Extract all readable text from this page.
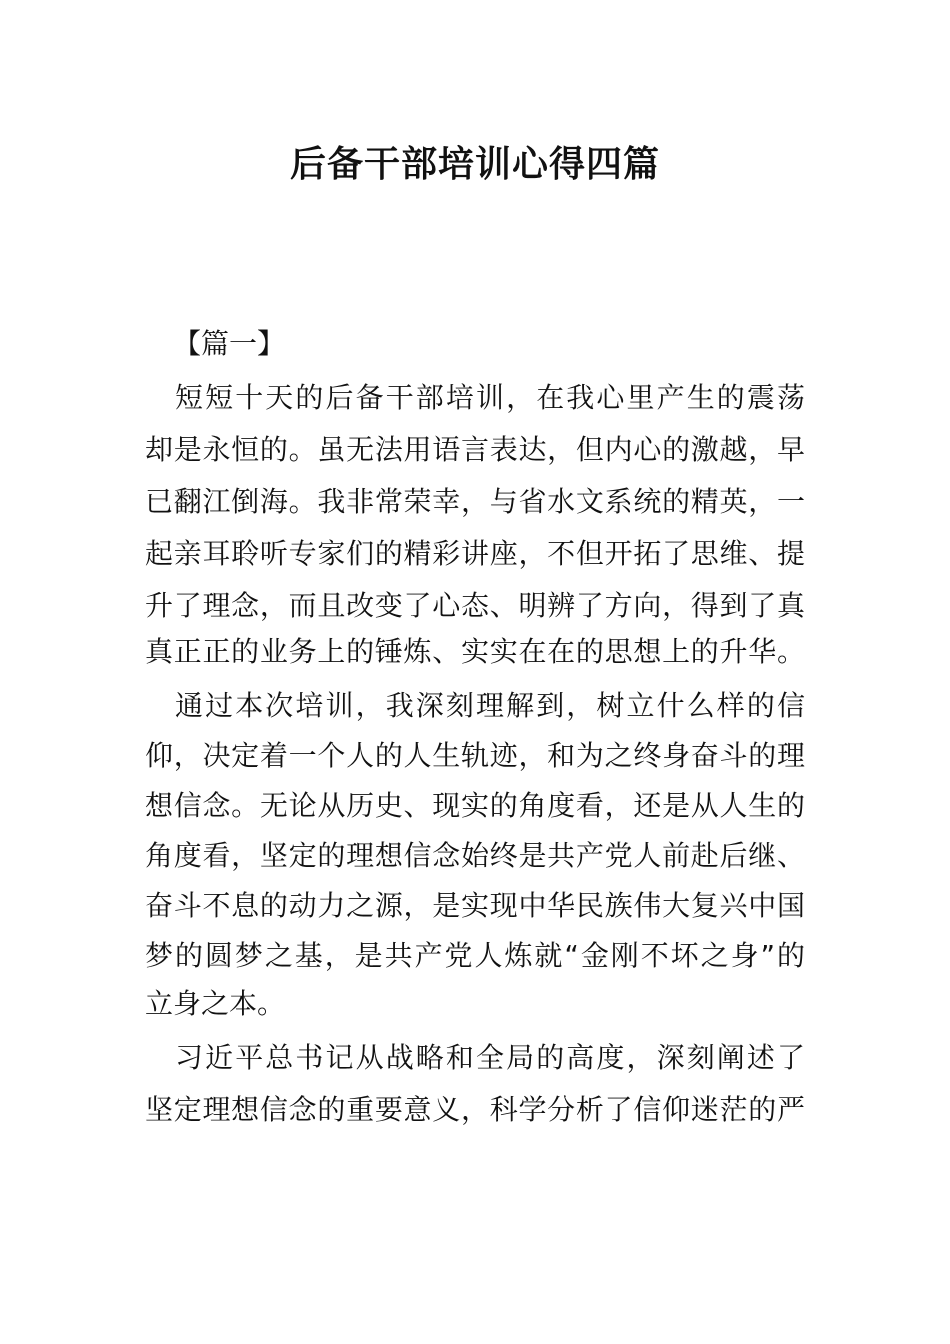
后备干部培训心得四篇
【篇一】
短短十天的后备干部培训，在我心里产生的震荡
却是永恒的。虽无法用语言表达，但内心的激越，早
已翻江倒海。我非常荣幸，与省水文系统的精英，一
起亲耳聆听专家们的精彩讲座，不但开拓了思维、提
升了理念，而且改变了心态、明辨了方向，得到了真
真正正的业务上的锤炼、实实在在的思想上的升华。
通过本次培训，我深刻理解到，树立什么样的信
仰，决定着一个人的人生轨迹，和为之终身奋斗的理
想信念。无论从历史、现实的角度看，还是从人生的
角度看，坚定的理想信念始终是共产党人前赴后继、
奋斗不息的动力之源，是实现中华民族伟大复兴中国
梦的圆梦之基，是共产党人炼就“金刚不坏之身”的
立身之本。
习近平总书记从战略和全局的高度，深刻阐述了
坚定理想信念的重要意义，科学分析了信仰迷茫的严
